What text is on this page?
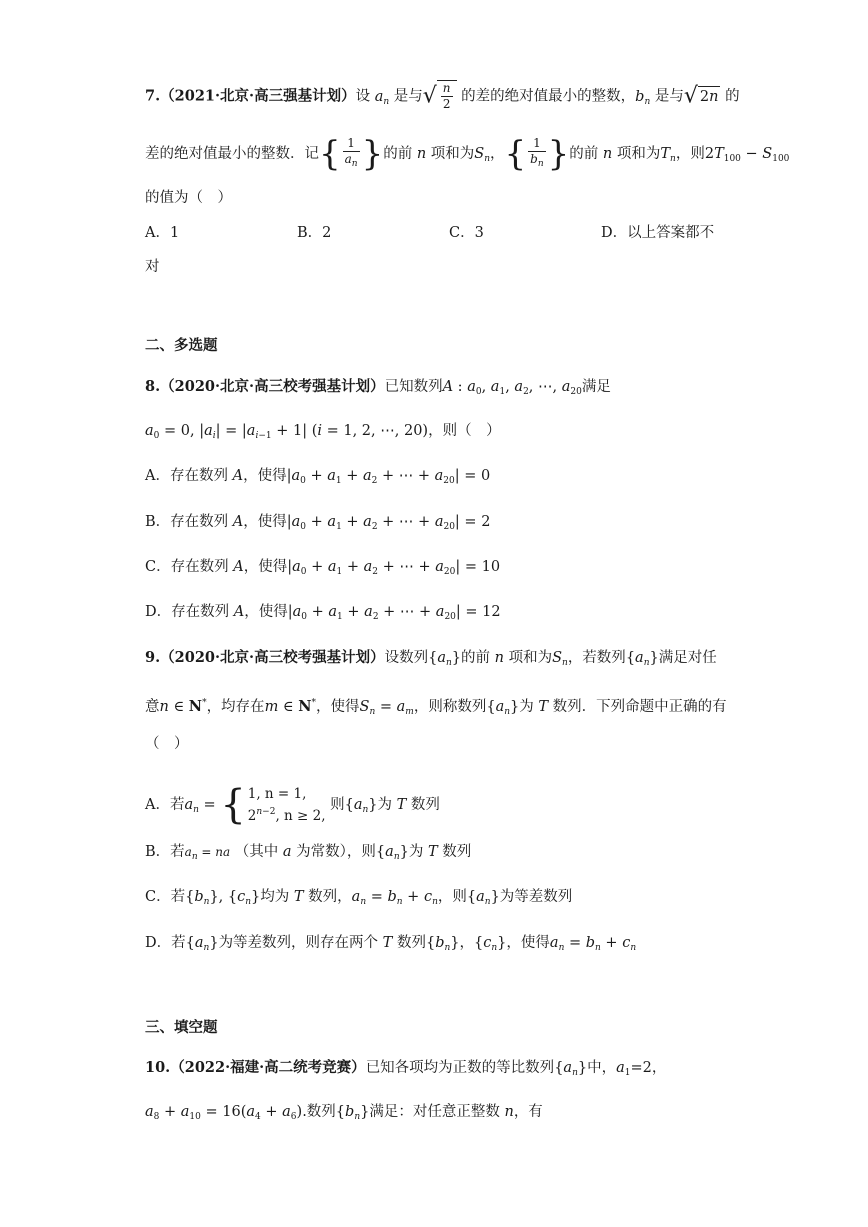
7.（2021·北京·高三强基计划）设 $a_n$ 是与√ $\frac{n}{2}$ 的差的绝对值最小的整数，$b_n$ 是与√ 2n 的
差的绝对值最小的整数．记{ $\frac{1}{a_n}$ }的前 n 项和为$S_n$，{ $\frac{1}{b_n}$ }的前 n 项和为$T_n$，则$2T_{100} - S_{100}$
的值为（　）
A．1	B．2	C．3	D．以上答案都不
对
二、多选题
8.（2020·北京·高三校考强基计划）已知数列A : $a_0$, $a_1$, $a_2$, ⋯, $a_{20}$满足
$a_0 = 0$, $|a_i| = |a_{i-1} + 1|$ (i = 1, 2, ⋯, 20)，则（　）
A．存在数列 A，使得$|a_0 + a_1 + a_2$ + ⋯ + $a_{20}| = 0$
B．存在数列 A，使得$|a_0 + a_1 + a_2$ + ⋯ + $a_{20}| = 2$
C．存在数列 A，使得$|a_0 + a_1 + a_2$ + ⋯ + $a_{20}| = 10$
D．存在数列 A，使得$|a_0 + a_1 + a_2$ + ⋯ + $a_{20}| = 12$
9.（2020·北京·高三校考强基计划）设数列$\{a_n\}$的前 n 项和为$S_n$，若数列$\{a_n\}$满足对任
意n ∈ N*，均存在m ∈ N*，使得$S_n = a_m$，则称数列$\{a_n\}$为 T 数列．下列命题中正确的有
（　）
A．若$a_n$ = { 1, n = 1,
$2^{n-2}$, n ≥ 2, 则$\{a_n\}$为 T 数列
B．若$a_n$ = na （其中 a 为常数），则$\{a_n\}$为 T 数列
C．若$\{b_n\}$, $\{c_n\}$均为 T 数列，$a_n = b_n + c_n$，则$\{a_n\}$为等差数列
D．若$\{a_n\}$为等差数列，则存在两个 T 数列$\{b_n\}$，$\{c_n\}$，使得$a_n = b_n + c_n$
三、填空题
10.（2022·福建·高二统考竞赛）已知各项均为正数的等比数列$\{a_n\}$中，$a_1=2$，
$a_8 + a_{10} = 16(a_4 + a_6)$.数列$\{b_n\}$满足：对任意正整数 n，有
